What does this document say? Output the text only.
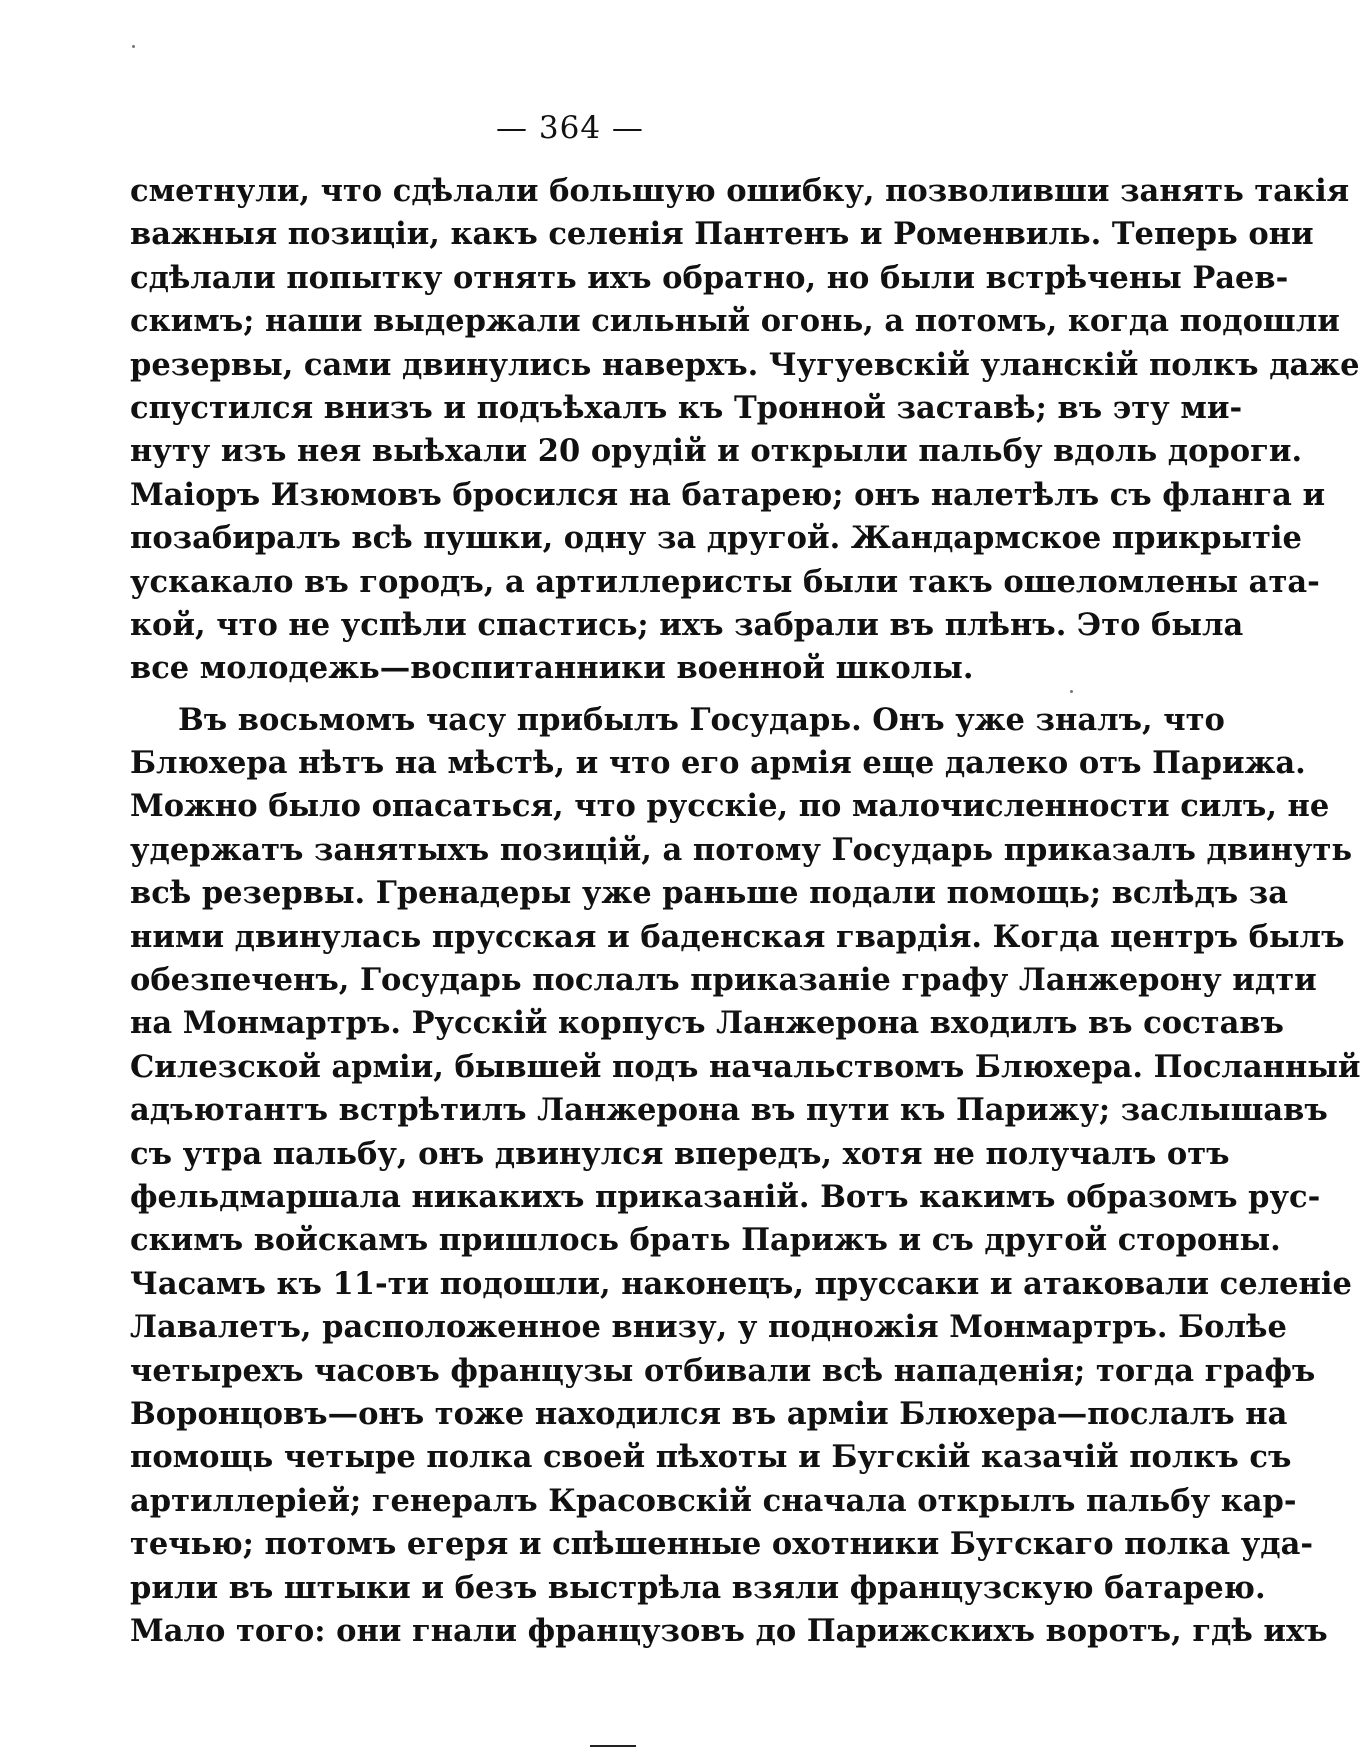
— 364 —
сметнули, что сдѣлали большую ошибку, позволивши занять такія
важныя позиціи, какъ селенія Пантенъ и Роменвиль. Теперь они
сдѣлали попытку отнять ихъ обратно, но были встрѣчены Раев-
скимъ; наши выдержали сильный огонь, а потомъ, когда подошли
резервы, сами двинулись наверхъ. Чугуевскій уланскій полкъ даже
спустился внизъ и подъѣхалъ къ Тронной заставѣ; въ эту ми-
нуту изъ нея выѣхали 20 орудій и открыли пальбу вдоль дороги.
Маіоръ Изюмовъ бросился на батарею; онъ налетѣлъ съ фланга и
позабиралъ всѣ пушки, одну за другой. Жандармское прикрытіе
ускакало въ городъ, а артиллеристы были такъ ошеломлены ата-
кой, что не успѣли спастись; ихъ забрали въ плѣнъ. Это была
все молодежь—воспитанники военной школы.
Въ восьмомъ часу прибылъ Государь. Онъ уже зналъ, что
Блюхера нѣтъ на мѣстѣ, и что его армія еще далеко отъ Парижа.
Можно было опасаться, что русскіе, по малочисленности силъ, не
удержатъ занятыхъ позицій, а потому Государь приказалъ двинуть
всѣ резервы. Гренадеры уже раньше подали помощь; вслѣдъ за
ними двинулась прусская и баденская гвардія. Когда центръ былъ
обезпеченъ, Государь послалъ приказаніе графу Ланжерону идти
на Монмартръ. Русскій корпусъ Ланжерона входилъ въ составъ
Силезской арміи, бывшей подъ начальствомъ Блюхера. Посланный
адъютантъ встрѣтилъ Ланжерона въ пути къ Парижу; заслышавъ
съ утра пальбу, онъ двинулся впередъ, хотя не получалъ отъ
фельдмаршала никакихъ приказаній. Вотъ какимъ образомъ рус-
скимъ войскамъ пришлось брать Парижъ и съ другой стороны.
Часамъ къ 11-ти подошли, наконецъ, пруссаки и атаковали селеніе
Лавалетъ, расположенное внизу, у подножія Монмартръ. Болѣе
четырехъ часовъ французы отбивали всѣ нападенія; тогда графъ
Воронцовъ—онъ тоже находился въ арміи Блюхера—послалъ на
помощь четыре полка своей пѣхоты и Бугскій казачій полкъ съ
артиллеріей; генералъ Красовскій сначала открылъ пальбу кар-
течью; потомъ егеря и спѣшенные охотники Бугскаго полка уда-
рили въ штыки и безъ выстрѣла взяли французскую батарею.
Мало того: они гнали французовъ до Парижскихъ воротъ, гдѣ ихъ
